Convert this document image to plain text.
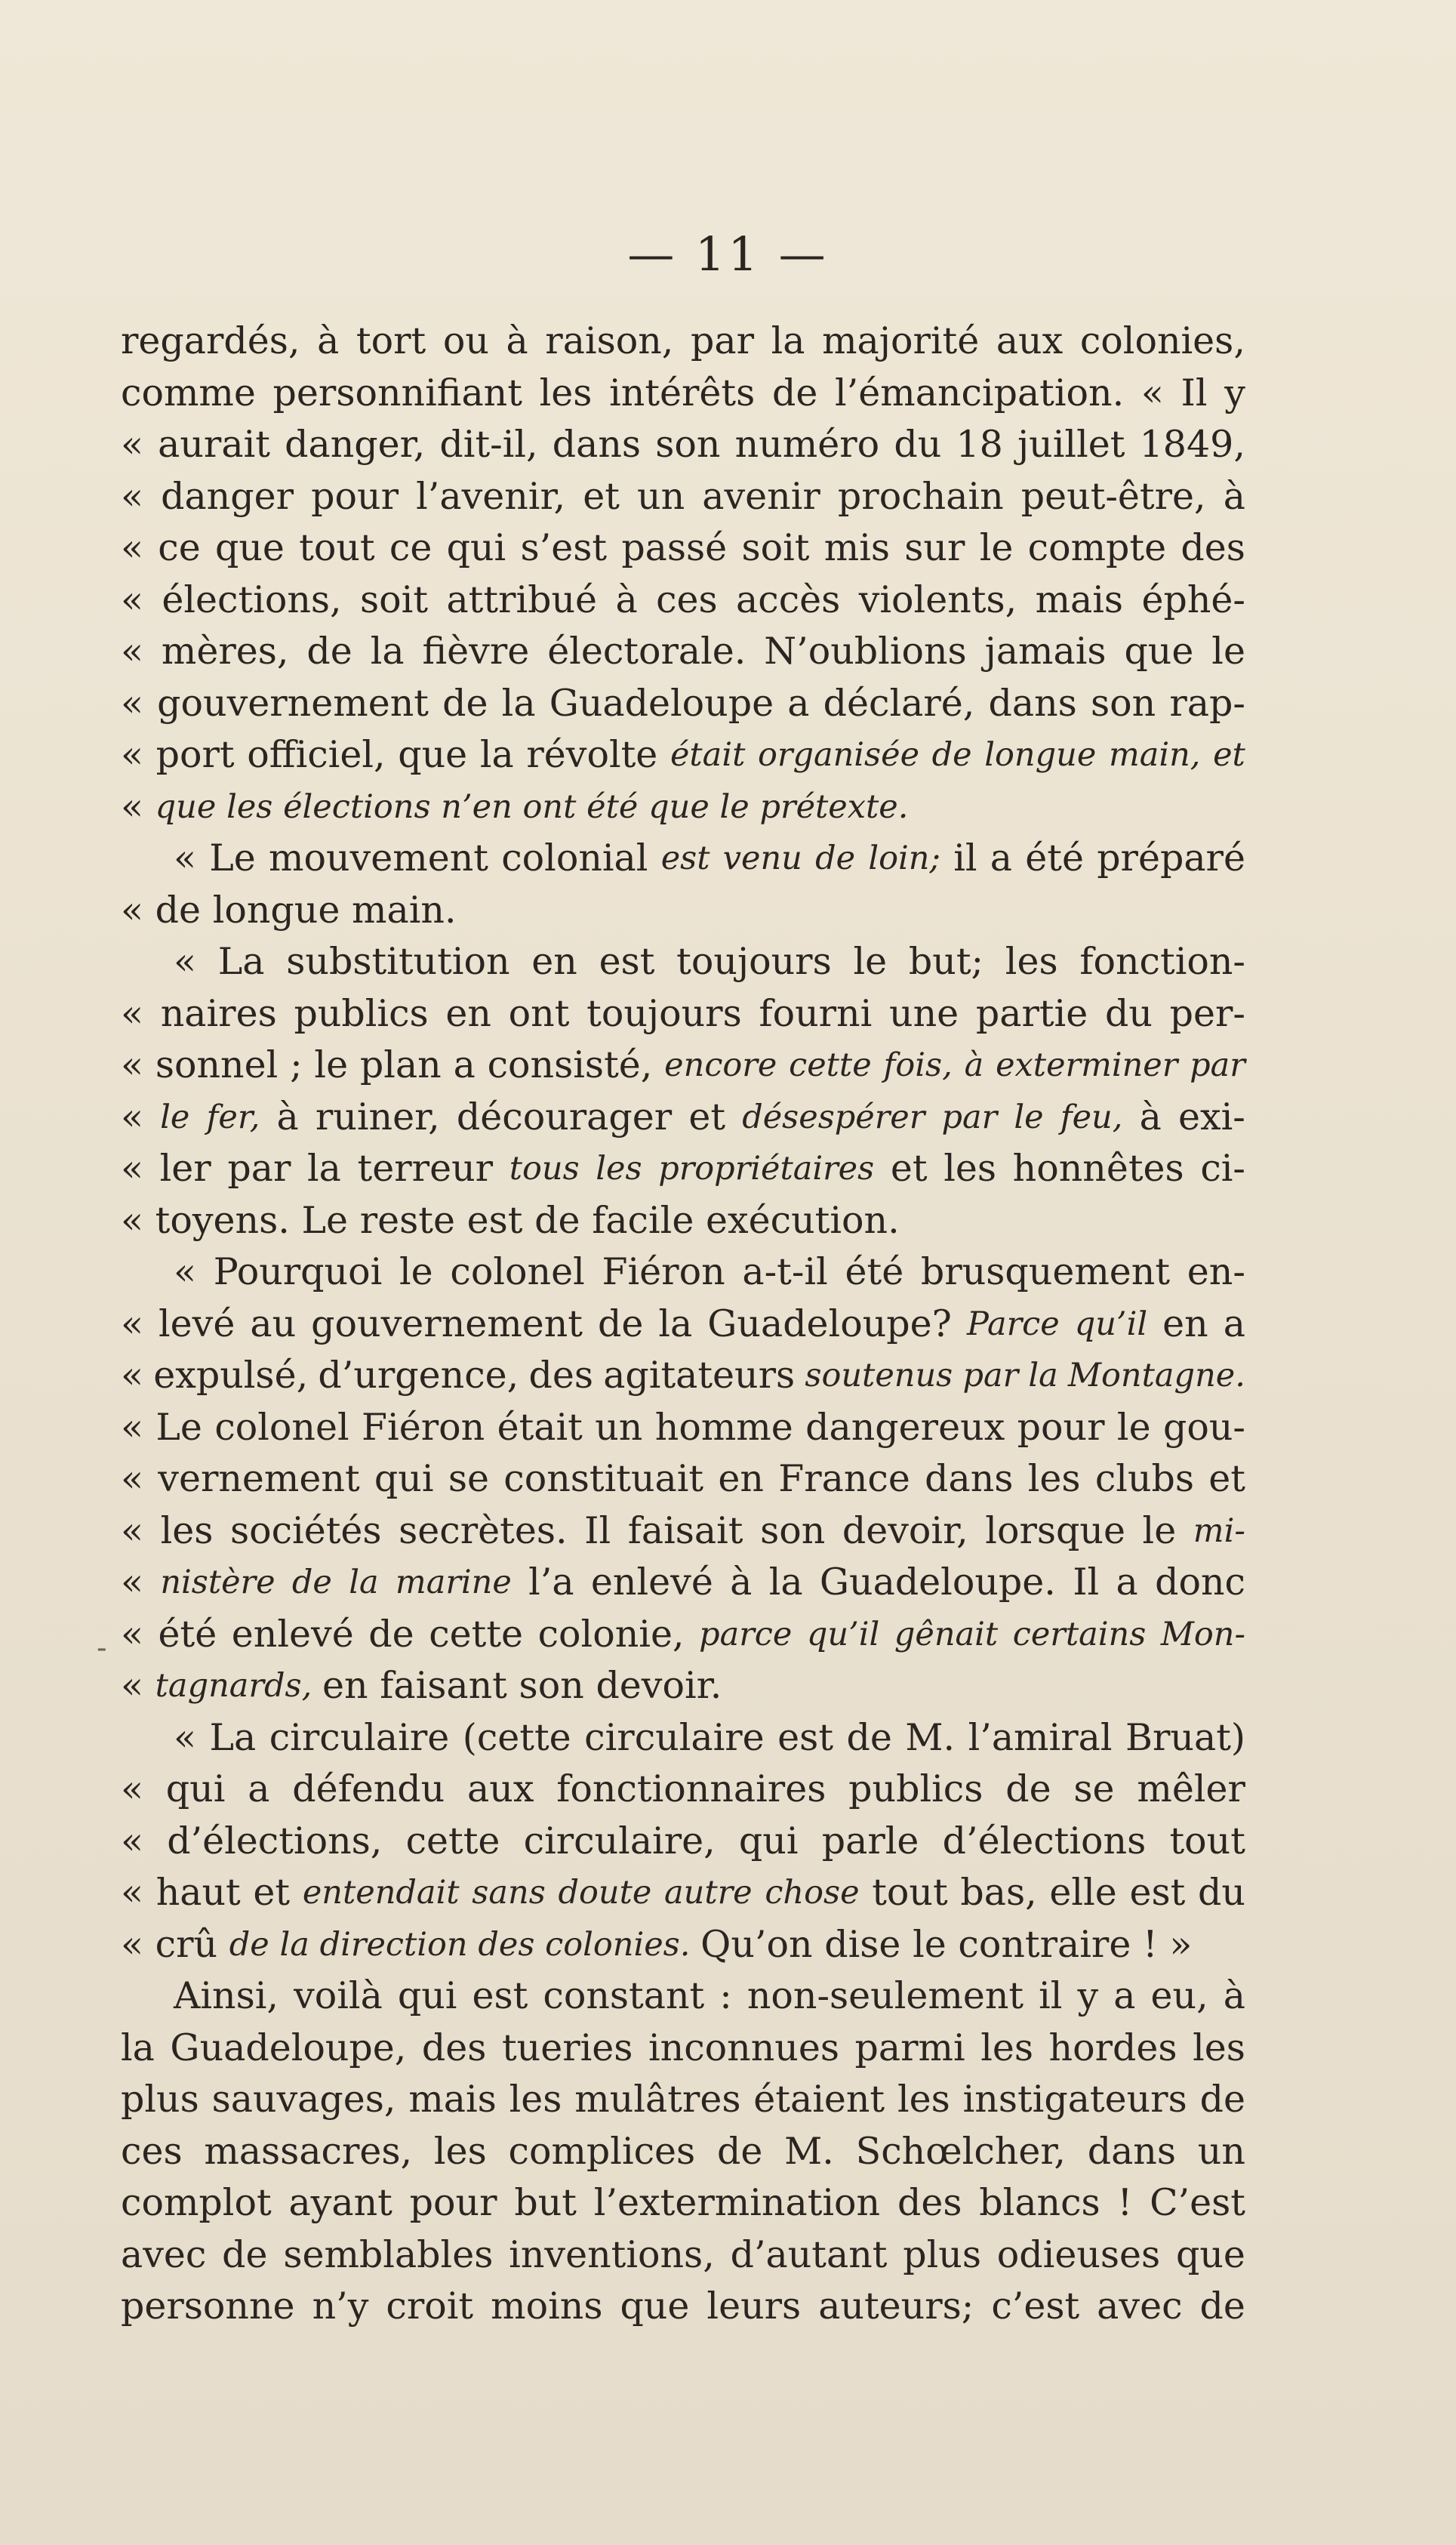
— 11 —
-
regardés, à tort ou à raison, par la majorité aux colonies,
comme personnifiant les intérêts de l’émancipation. « Il y
« aurait danger, dit-il, dans son numéro du 18 juillet 1849,
« danger pour l’avenir, et un avenir prochain peut-être, à
« ce que tout ce qui s’est passé soit mis sur le compte des
« élections, soit attribué à ces accès violents, mais éphé-
« mères, de la fièvre électorale. N’oublions jamais que le
« gouvernement de la Guadeloupe a déclaré, dans son rap-
« port officiel, que la révolte était organisée de longue main, et
« que les élections n’en ont été que le prétexte.
« Le mouvement colonial est venu de loin; il a été préparé
« de longue main.
« La substitution en est toujours le but; les fonction-
« naires publics en ont toujours fourni une partie du per-
« sonnel ; le plan a consisté, encore cette fois, à exterminer par
« le fer, à ruiner, décourager et désespérer par le feu, à exi-
« ler par la terreur tous les propriétaires et les honnêtes ci-
« toyens. Le reste est de facile exécution.
« Pourquoi le colonel Fiéron a-t-il été brusquement en-
« levé au gouvernement de la Guadeloupe? Parce qu’il en a
« expulsé, d’urgence, des agitateurs soutenus par la Montagne.
« Le colonel Fiéron était un homme dangereux pour le gou-
« vernement qui se constituait en France dans les clubs et
« les sociétés secrètes. Il faisait son devoir, lorsque le mi-
« nistère de la marine l’a enlevé à la Guadeloupe. Il a donc
« été enlevé de cette colonie, parce qu’il gênait certains Mon-
« tagnards, en faisant son devoir.
« La circulaire (cette circulaire est de M. l’amiral Bruat)
« qui a défendu aux fonctionnaires publics de se mêler
« d’élections, cette circulaire, qui parle d’élections tout
« haut et entendait sans doute autre chose tout bas, elle est du
« crû de la direction des colonies. Qu’on dise le contraire ! »
Ainsi, voilà qui est constant : non-seulement il y a eu, à
la Guadeloupe, des tueries inconnues parmi les hordes les
plus sauvages, mais les mulâtres étaient les instigateurs de
ces massacres, les complices de M. Schœlcher, dans un
complot ayant pour but l’extermination des blancs ! C’est
avec de semblables inventions, d’autant plus odieuses que
personne n’y croit moins que leurs auteurs; c’est avec de
